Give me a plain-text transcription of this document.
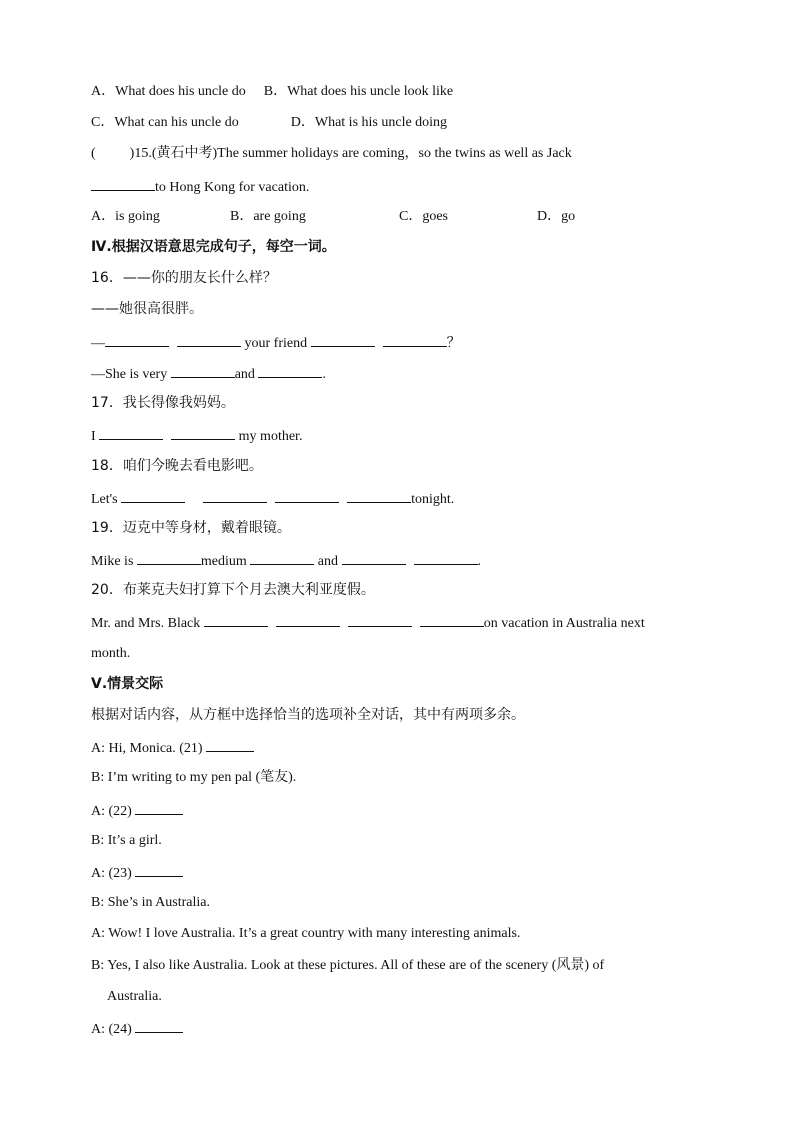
A．What does his uncle do B．What does his uncle look like
C．What can his uncle do	D．What is his uncle doing
( )15.(黄石中考)The summer holidays are coming，so the twins as well as Jack
to Hong Kong for vacation.
A．is going	B．are going	C．goes	D．go
Ⅳ.根据汉语意思完成句子，每空一词。
16．——你的朋友长什么样？
——她很高很胖。
—	your friend	？
—She is very	and	.
17．我长得像我妈妈。
I	my mother.
18．咱们今晚去看电影吧。
Let's	tonight.
19．迈克中等身材，戴着眼镜。
Mike is	medium	and	.
20．布莱克夫妇打算下个月去澳大利亚度假。
Mr. and Mrs. Black	on vacation in Australia next
month.
Ⅴ.情景交际
根据对话内容，从方框中选择恰当的选项补全对话，其中有两项多余。
A: Hi, Monica. (21)
B: I’m writing to my pen pal (笔友).
A: (22)
B: It’s a girl.
A: (23)
B: She’s in Australia.
A: Wow! I love Australia. It’s a great country with many interesting animals.
B: Yes, I also like Australia. Look at these pictures. All of these are of the scenery (风景) of
Australia.
A: (24)
